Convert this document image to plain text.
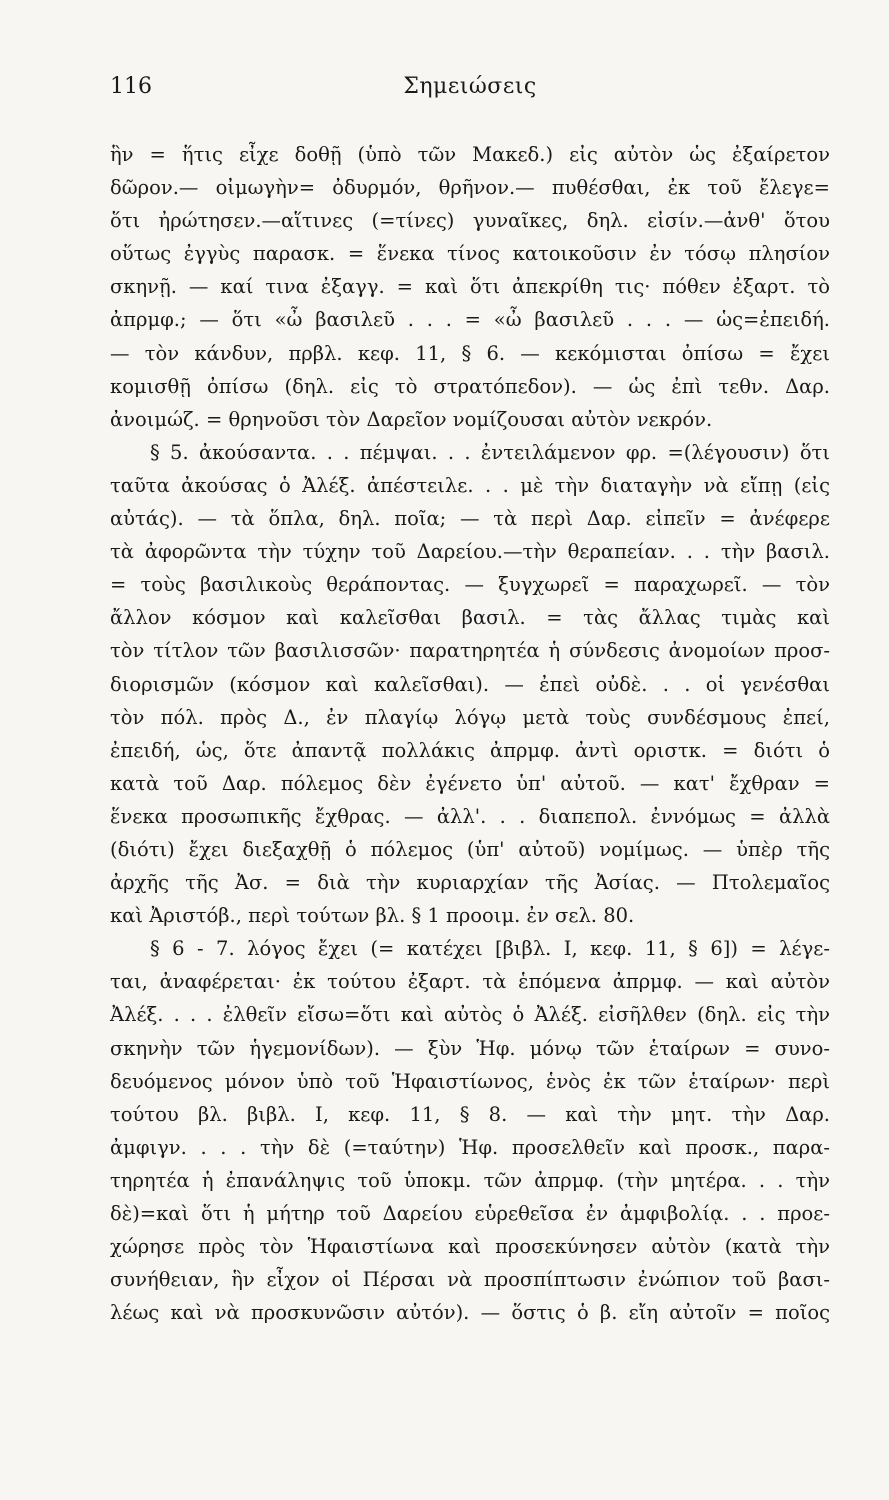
116	Σημειώσεις
ἣν = ἥτις εἶχε δοθῇ (ὑπὸ τῶν Μακεδ.) εἰς αὐτὸν ὡς ἐξαίρετον
δῶρον.— οἰμωγὴν= ὀδυρμόν, θρῆνον.— πυθέσθαι, ἐκ τοῦ ἔλεγε=
ὅτι ἠρώτησεν.—αἵτινες (=τίνες) γυναῖκες, δηλ. εἰσίν.—ἀνθ' ὅτου
οὕτως ἐγγὺς παρασκ. = ἕνεκα τίνος κατοικοῦσιν ἐν τόσῳ πλησίον
σκηνῇ. — καί τινα ἐξαγγ. = καὶ ὅτι ἀπεκρίθη τις· πόθεν ἐξαρτ. τὸ
ἀπρμφ.; — ὅτι «ὦ βασιλεῦ . . . = «ὦ βασιλεῦ . . . — ὡς=ἐπειδή.
— τὸν κάνδυν, πρβλ. κεφ. 11, § 6. — κεκόμισται ὀπίσω = ἔχει
κομισθῇ ὀπίσω (δηλ. εἰς τὸ στρατόπεδον). — ὡς ἐπὶ τεθν. Δαρ.
ἀνοιμώζ. = θρηνοῦσι τὸν Δαρεῖον νομίζουσαι αὐτὸν νεκρόν.
§ 5. ἀκούσαντα. . . πέμψαι. . . ἐντειλάμενον φρ. =(λέγουσιν) ὅτι
ταῦτα ἀκούσας ὁ Ἀλέξ. ἀπέστειλε. . . μὲ τὴν διαταγὴν νὰ εἴπῃ (εἰς
αὐτάς). — τὰ ὅπλα, δηλ. ποῖα; — τὰ περὶ Δαρ. εἰπεῖν = ἀνέφερε
τὰ ἀφορῶντα τὴν τύχην τοῦ Δαρείου.—τὴν θεραπείαν. . . τὴν βασιλ.
= τοὺς βασιλικοὺς θεράποντας. — ξυγχωρεῖ = παραχωρεῖ. — τὸν
ἄλλον κόσμον καὶ καλεῖσθαι βασιλ. = τὰς ἄλλας τιμὰς καὶ
τὸν τίτλον τῶν βασιλισσῶν· παρατηρητέα ἡ σύνδεσις ἀνομοίων προσ-
διορισμῶν (κόσμον καὶ καλεῖσθαι). — ἐπεὶ οὐδὲ. . . οἱ γενέσθαι
τὸν πόλ. πρὸς Δ., ἐν πλαγίῳ λόγῳ μετὰ τοὺς συνδέσμους ἐπεί,
ἐπειδή, ὡς, ὅτε ἀπαντᾷ πολλάκις ἀπρμφ. ἀντὶ οριστκ. = διότι ὁ
κατὰ τοῦ Δαρ. πόλεμος δὲν ἐγένετο ὑπ' αὐτοῦ. — κατ' ἔχθραν =
ἕνεκα προσωπικῆς ἔχθρας. — ἀλλ'. . . διαπεπολ. ἐννόμως = ἀλλὰ
(διότι) ἔχει διεξαχθῇ ὁ πόλεμος (ὑπ' αὐτοῦ) νομίμως. — ὑπὲρ τῆς
ἀρχῆς τῆς Ἀσ. = διὰ τὴν κυριαρχίαν τῆς Ἀσίας. — Πτολεμαῖος
καὶ Ἀριστόβ., περὶ τούτων βλ. § 1 προοιμ. ἐν σελ. 80.
§ 6 - 7. λόγος ἔχει (= κατέχει [βιβλ. I, κεφ. 11, § 6]) = λέγε-
ται, ἀναφέρεται· ἐκ τούτου ἐξαρτ. τὰ ἑπόμενα ἀπρμφ. — καὶ αὐτὸν
Ἀλέξ. . . . ἐλθεῖν εἴσω=ὅτι καὶ αὐτὸς ὁ Ἀλέξ. εἰσῆλθεν (δηλ. εἰς τὴν
σκηνὴν τῶν ἡγεμονίδων). — ξὺν Ἡφ. μόνῳ τῶν ἑταίρων = συνο-
δευόμενος μόνον ὑπὸ τοῦ Ἡφαιστίωνος, ἑνὸς ἐκ τῶν ἑταίρων· περὶ
τούτου βλ. βιβλ. I, κεφ. 11, § 8. — καὶ τὴν μητ. τὴν Δαρ.
ἀμφιγν. . . . τὴν δὲ (=ταύτην) Ἡφ. προσελθεῖν καὶ προσκ., παρα-
τηρητέα ἡ ἐπανάληψις τοῦ ὑποκμ. τῶν ἀπρμφ. (τὴν μητέρα. . . τὴν
δὲ)=καὶ ὅτι ἡ μήτηρ τοῦ Δαρείου εὑρεθεῖσα ἐν ἀμφιβολίᾳ. . . προε-
χώρησε πρὸς τὸν Ἡφαιστίωνα καὶ προσεκύνησεν αὐτὸν (κατὰ τὴν
συνήθειαν, ἣν εἶχον οἱ Πέρσαι νὰ προσπίπτωσιν ἐνώπιον τοῦ βασι-
λέως καὶ νὰ προσκυνῶσιν αὐτόν). — ὅστις ὁ β. εἴη αὐτοῖν = ποῖος
